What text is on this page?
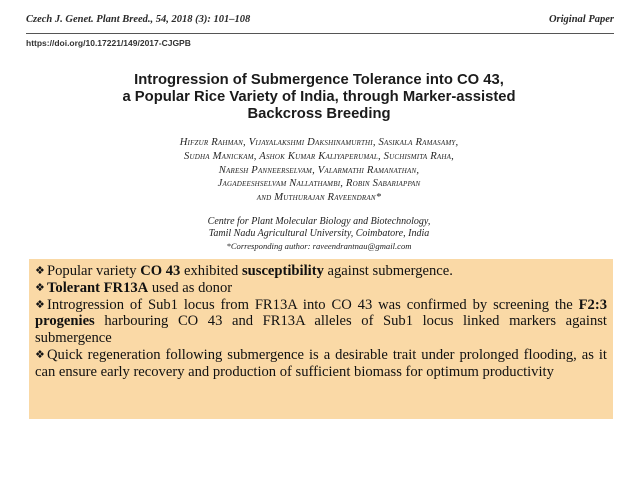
Czech J. Genet. Plant Breed., 54, 2018 (3): 101–108	Original Paper
https://doi.org/10.17221/149/2017-CJGPB
Introgression of Submergence Tolerance into CO 43,
a Popular Rice Variety of India, through Marker-assisted
Backcross Breeding
Hifzur Rahman, Vijayalakshmi Dakshinamurthi, Sasikala Ramasamy,
Sudha Manickam, Ashok Kumar Kaliyaperumal, Suchismita Raha,
Naresh Panneerselvam, Valarmathi Ramanathan,
Jagadeeshselvam Nallathambi, Robin Sabariappan
and Muthurajan Raveendran*
Centre for Plant Molecular Biology and Biotechnology,
Tamil Nadu Agricultural University, Coimbatore, India
*Corresponding author: raveendrantnau@gmail.com

❖ Popular variety CO 43 exhibited susceptibility against submergence.

❖ Tolerant FR13A used as donor

❖ Introgression of Sub1 locus from FR13A into CO 43 was confirmed by screening the F2:3 progenies harbouring CO 43 and FR13A alleles of Sub1 locus linked markers against submergence

❖ Quick regeneration following submergence is a desirable trait under prolonged flooding, as it can ensure early recovery and production of sufficient biomass for optimum productivity
